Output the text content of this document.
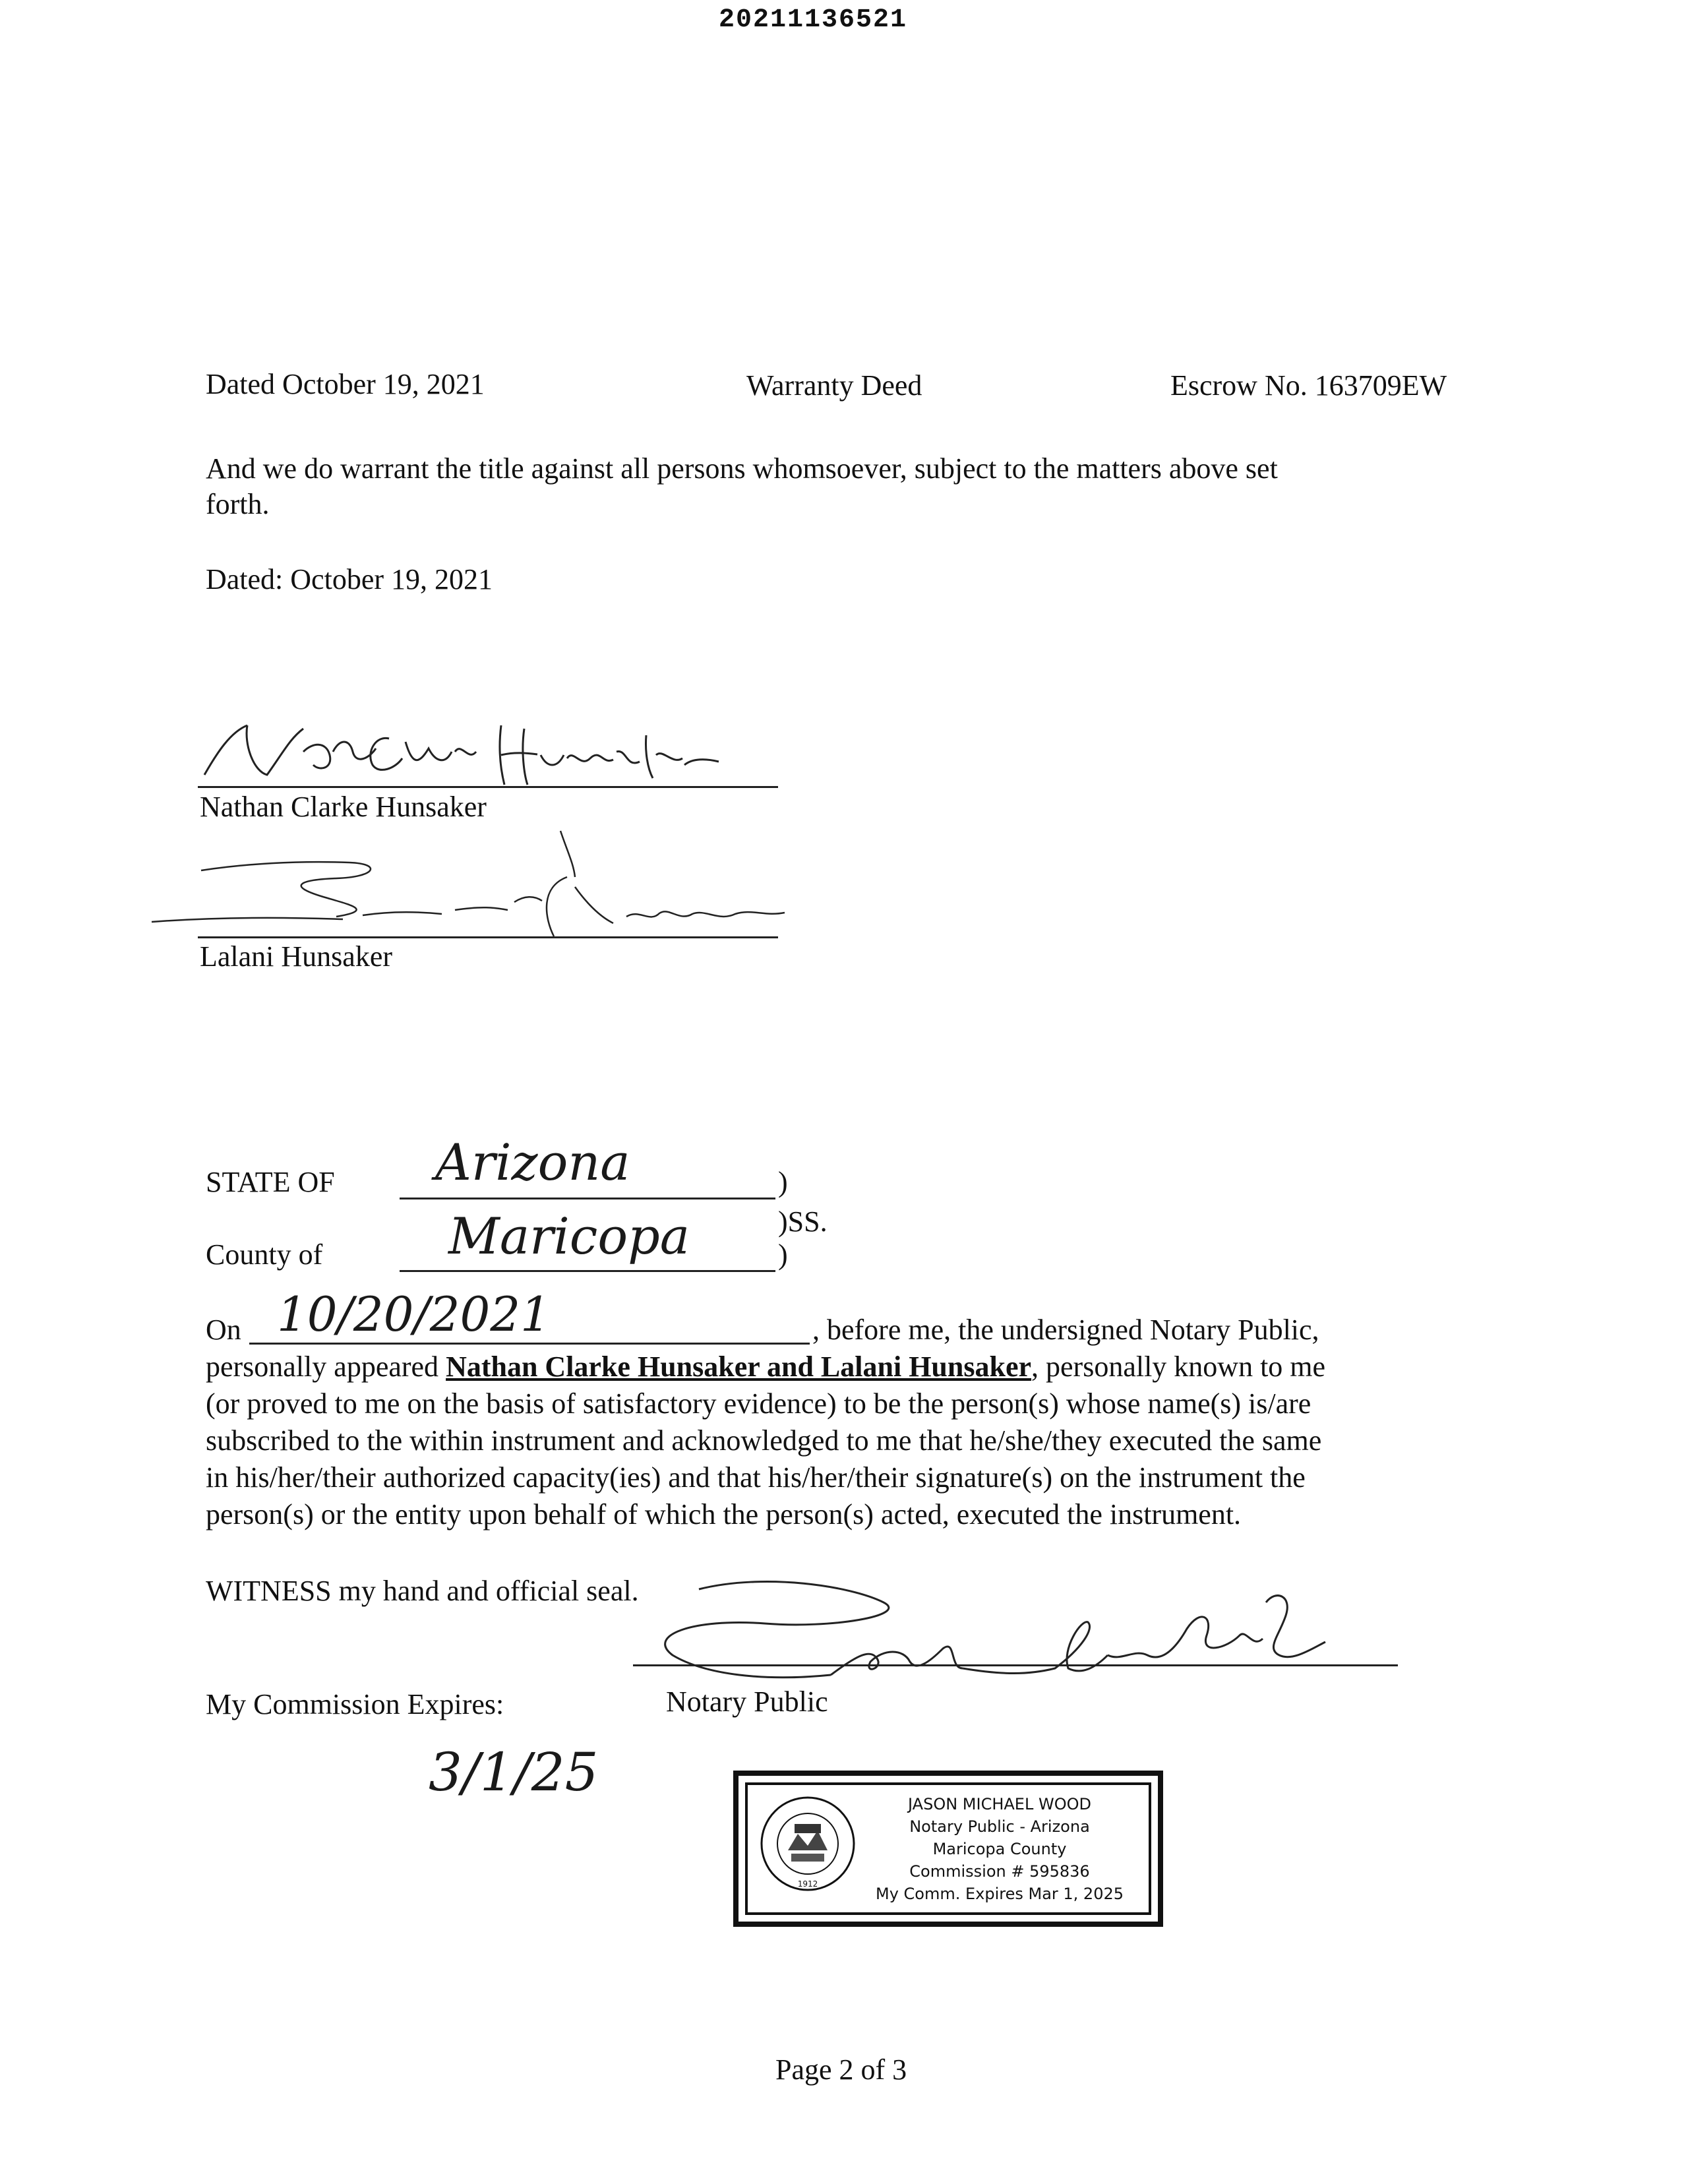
20211136521
Dated October 19, 2021	Warranty Deed	Escrow No. 163709EW
And we do warrant the title against all persons whomsoever, subject to the matters above set
forth.
Dated: October 19, 2021
Nathan Clarke Hunsaker
Lalani Hunsaker
STATE OF Arizona	)
)SS.
County of	Maricopa	)
On 10/20/2021	, before me, the undersigned Notary Public,
personally appeared Nathan Clarke Hunsaker and Lalani Hunsaker, personally known to me
(or proved to me on the basis of satisfactory evidence) to be the person(s) whose name(s) is/are
subscribed to the within instrument and acknowledged to me that he/she/they executed the same
in his/her/their authorized capacity(ies) and that his/her/their signature(s) on the instrument the
person(s) or the entity upon behalf of which the person(s) acted, executed the instrument.
WITNESS my hand and official seal.
My Commission Expires:	Notary Public
3/1/25
1912
JASON MICHAEL WOOD
Notary Public - Arizona
Maricopa County
Commission # 595836
My Comm. Expires Mar 1, 2025
Page 2 of 3
